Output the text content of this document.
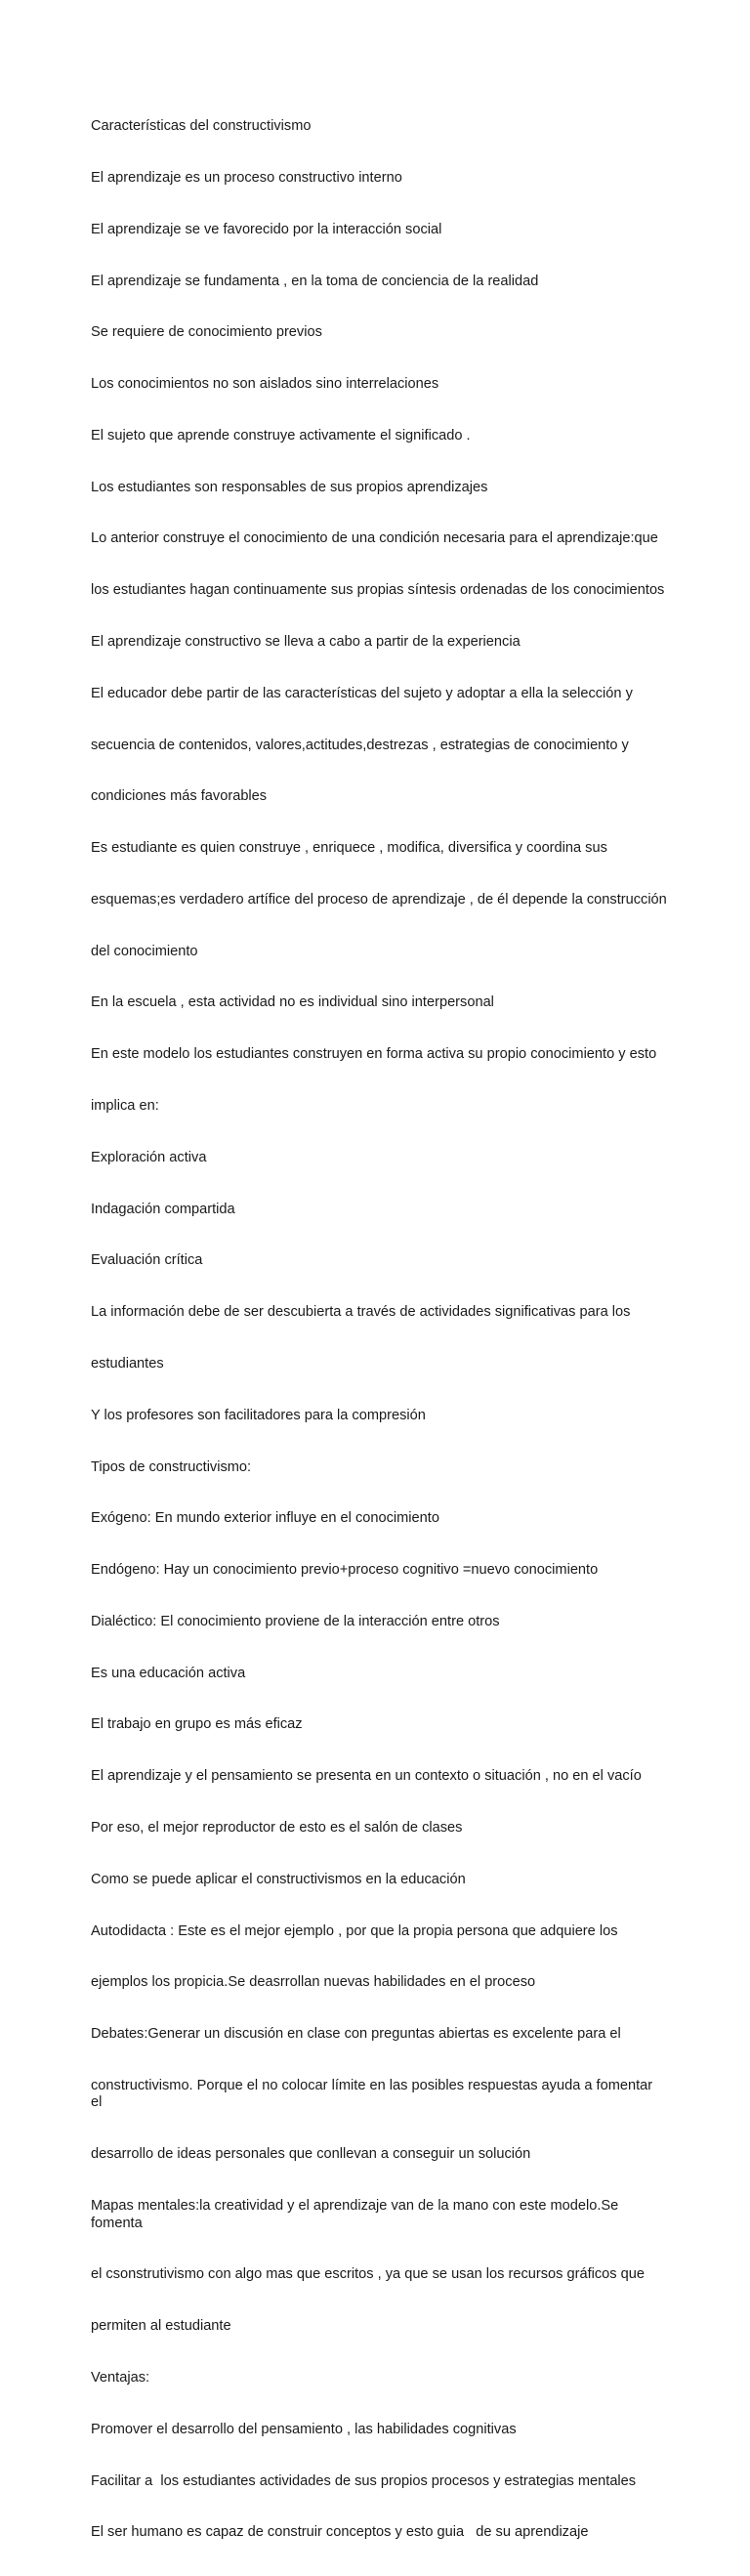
Características del constructivismo

El aprendizaje es un proceso constructivo interno

El aprendizaje se ve favorecido por la interacción social

El aprendizaje se fundamenta , en la toma de conciencia de la realidad

Se requiere de conocimiento previos

Los conocimientos no son aislados sino interrelaciones

El sujeto que aprende construye activamente el significado .

Los estudiantes son responsables de sus propios aprendizajes

Lo anterior construye el conocimiento de una condición necesaria para el aprendizaje:que

los estudiantes hagan continuamente sus propias síntesis ordenadas de los conocimientos

El aprendizaje constructivo se lleva a cabo a partir de la experiencia

El educador debe partir de las características del sujeto y adoptar a ella la selección y

secuencia de contenidos, valores,actitudes,destrezas , estrategias de conocimiento y

condiciones más favorables

Es estudiante es quien construye , enriquece , modifica, diversifica y coordina sus

esquemas;es verdadero artífice del proceso de aprendizaje , de él depende la construcción

del conocimiento

En la escuela , esta actividad no es individual sino interpersonal

En este modelo los estudiantes construyen en forma activa su propio conocimiento y esto

implica en:

Exploración activa

Indagación compartida

Evaluación crítica

La información debe de ser descubierta a través de actividades significativas para los

estudiantes

Y los profesores son facilitadores para la compresión

Tipos de constructivismo:

Exógeno: En mundo exterior influye en el conocimiento

Endógeno: Hay un conocimiento previo+proceso cognitivo =nuevo conocimiento

Dialéctico: El conocimiento proviene de la interacción entre otros

Es una educación activa

El trabajo en grupo es más eficaz

El aprendizaje y el pensamiento se presenta en un contexto o situación , no en el vacío

Por eso, el mejor reproductor de esto es el salón de clases

Como se puede aplicar el constructivismos en la educación

Autodidacta : Este es el mejor ejemplo , por que la propia persona que adquiere los

ejemplos los propicia.Se deasrrollan nuevas habilidades en el proceso

Debates:Generar un discusión en clase con preguntas abiertas es excelente para el

constructivismo. Porque el no colocar límite en las posibles respuestas ayuda a fomentar el

desarrollo de ideas personales que conllevan a conseguir un solución

Mapas mentales:la creatividad y el aprendizaje van de la mano con este modelo.Se fomenta

el csonstrutivismo con algo mas que escritos , ya que se usan los recursos gráficos que

permiten al estudiante

Ventajas:

Promover el desarrollo del pensamiento , las habilidades cognitivas

Facilitar a  los estudiantes actividades de sus propios procesos y estrategias mentales

El ser humano es capaz de construir conceptos y esto guia   de su aprendizaje
